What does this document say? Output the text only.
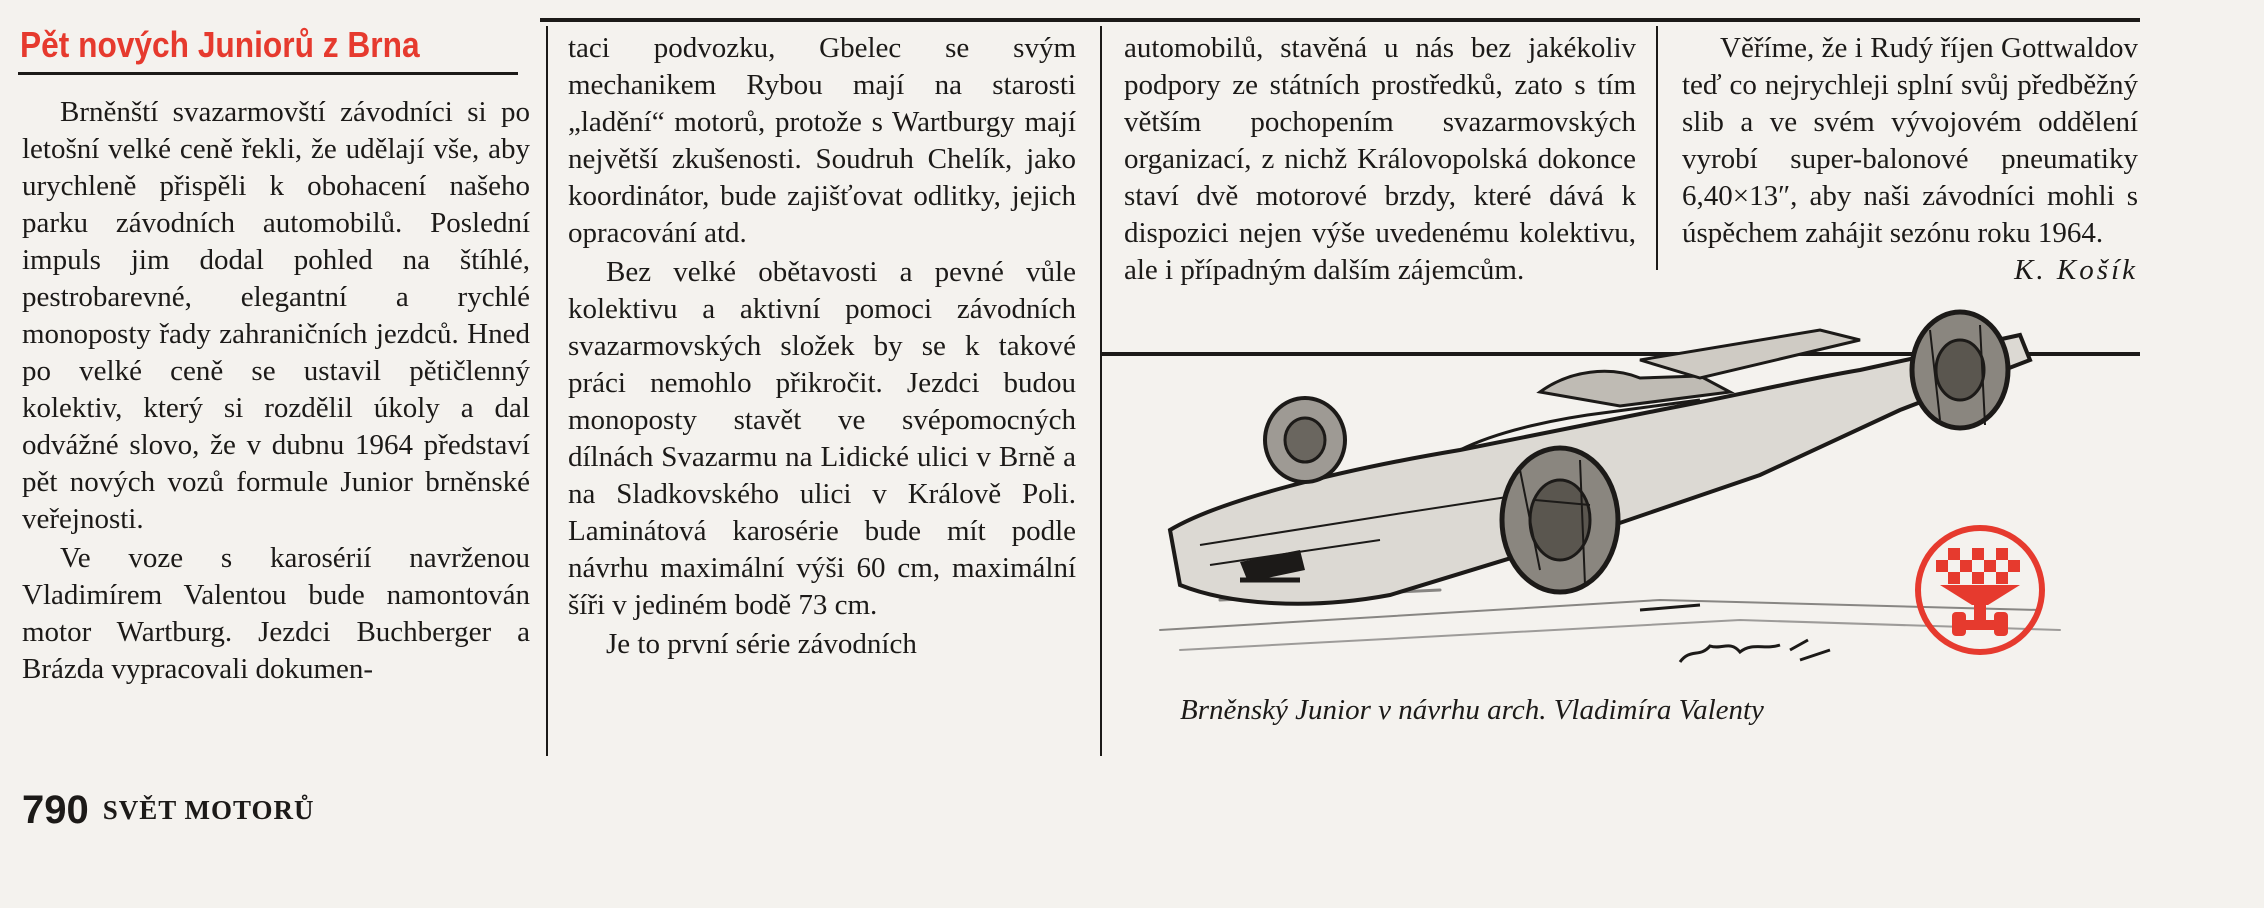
Pět nových Juniorů z Brna

Brněnští svazarmovští závodníci si po letošní velké ceně řekli, že udělají vše, aby urychleně přispěli k obohacení našeho parku závodních automobilů. Poslední impuls jim dodal pohled na štíhlé, pestrobarevné, elegantní a rychlé monoposty řady zahraničních jezdců. Hned po velké ceně se ustavil pětičlenný kolektiv, který si rozdělil úkoly a dal odvážné slovo, že v dubnu 1964 představí pět nových vozů formule Junior brněnské veřejnosti.

Ve voze s karosérií navrženou Vladimírem Valentou bude namontován motor Wartburg. Jezdci Buchberger a Brázda vypracovali dokumen-

taci podvozku, Gbelec se svým mechanikem Rybou mají na starosti „ladění“ motorů, protože s Wartburgy mají největší zkušenosti. Soudruh Chelík, jako koordinátor, bude zajišťovat odlitky, jejich opracování atd.

Bez velké obětavosti a pevné vůle kolektivu a aktivní pomoci závodních svazarmovských složek by se k takové práci nemohlo přikročit. Jezdci budou monoposty stavět ve svépomocných dílnách Svazarmu na Lidické ulici v Brně a na Sladkovského ulici v Králově Poli. Laminátová karosérie bude mít podle návrhu maximální výši 60 cm, maximální šíři v jediném bodě 73 cm.

Je to první série závodních

automobilů, stavěná u nás bez jakékoliv podpory ze státních prostředků, zato s tím větším pochopením svazarmovských organizací, z nichž Královopolská dokonce staví dvě motorové brzdy, které dává k dispozici nejen výše uvedenému kolektivu, ale i případným dalším zájemcům.

Věříme, že i Rudý říjen Gottwaldov teď co nejrychleji splní svůj předběžný slib a ve svém vývojovém oddělení vyrobí super-balonové pneumatiky 6,40×13″, aby naši závodníci mohli s úspěchem zahájit sezónu roku 1964.
K. Košík

Brněnský Junior v návrhu arch. Vladimíra Valenty
790 SVĚT MOTORŮ
